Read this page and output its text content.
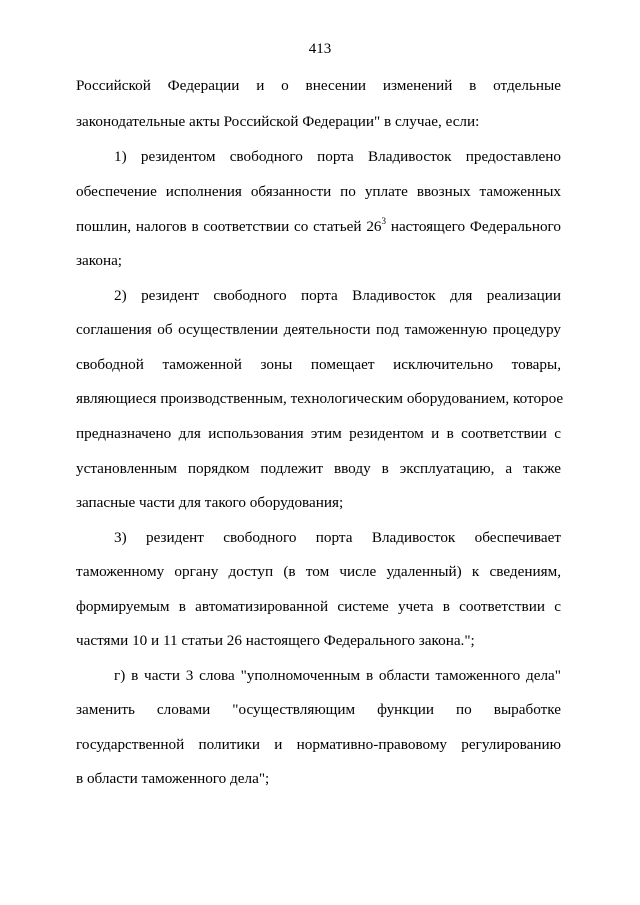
413
Российской Федерации и о внесении изменений в отдельные
законодательные акты Российской Федерации" в случае, если:
1) резидентом свободного порта Владивосток предоставлено
обеспечение исполнения обязанности по уплате ввозных таможенных
пошлин, налогов в соответствии со статьей $26^3$ настоящего Федерального
закона;
2) резидент свободного порта Владивосток для реализации
соглашения об осуществлении деятельности под таможенную процедуру
свободной таможенной зоны помещает исключительно товары,
являющиеся производственным, технологическим оборудованием, которое
предназначено для использования этим резидентом и в соответствии с
установленным порядком подлежит вводу в эксплуатацию, а также
запасные части для такого оборудования;
3) резидент свободного порта Владивосток обеспечивает
таможенному органу доступ (в том числе удаленный) к сведениям,
формируемым в автоматизированной системе учета в соответствии с
частями 10 и 11 статьи 26 настоящего Федерального закона.";
г) в части 3 слова "уполномоченным в области таможенного дела"
заменить словами "осуществляющим функции по выработке
государственной политики и нормативно-правовому регулированию
в области таможенного дела";
